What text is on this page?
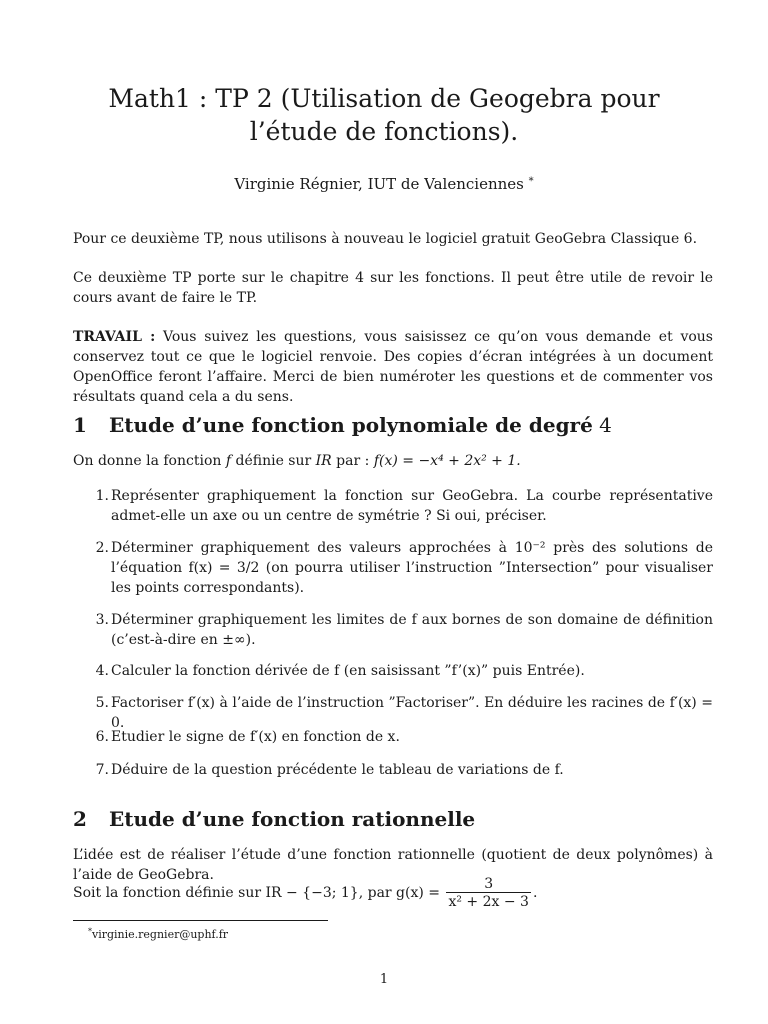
Math1 : TP 2 (Utilisation de Geogebra pour
l’étude de fonctions).
Virginie Régnier, IUT de Valenciennes *

Pour ce deuxième TP, nous utilisons à nouveau le logiciel gratuit GeoGebra Classique 6.

Ce deuxième TP porte sur le chapitre 4 sur les fonctions. Il peut être utile de revoir le cours avant de faire le TP.

TRAVAIL : Vous suivez les questions, vous saisissez ce qu’on vous demande et vous conservez tout ce que le logiciel renvoie. Des copies d’écran intégrées à un document OpenOffice feront l’affaire. Merci de bien numéroter les questions et de commenter vos résultats quand cela a du sens.

1 Etude d’une fonction polynomiale de degré 4

On donne la fonction f définie sur IR par : f(x) = −x⁴ + 2x² + 1.

1. Représenter graphiquement la fonction sur GeoGebra. La courbe représentative admet-elle un axe ou un centre de symétrie ? Si oui, préciser.
2. Déterminer graphiquement des valeurs approchées à 10⁻² près des solutions de l’équation f(x) = 3/2 (on pourra utiliser l’instruction ”Intersection” pour visualiser les points correspondants).
3. Déterminer graphiquement les limites de f aux bornes de son domaine de définition (c’est-à-dire en ±∞).
4. Calculer la fonction dérivée de f (en saisissant ”f’(x)” puis Entrée).
5. Factoriser f′(x) à l’aide de l’instruction ”Factoriser”. En déduire les racines de f′(x) = 0.
6. Etudier le signe de f′(x) en fonction de x.
7. Déduire de la question précédente le tableau de variations de f.
2 Etude d’une fonction rationnelle

L’idée est de réaliser l’étude d’une fonction rationnelle (quotient de deux polynômes) à l’aide de GeoGebra.

Soit la fonction définie sur IR − {−3; 1}, par $g(x) = \frac{3}{\text{x² + 2x − 3}}$ .

*virginie.regnier@uphf.fr
1
